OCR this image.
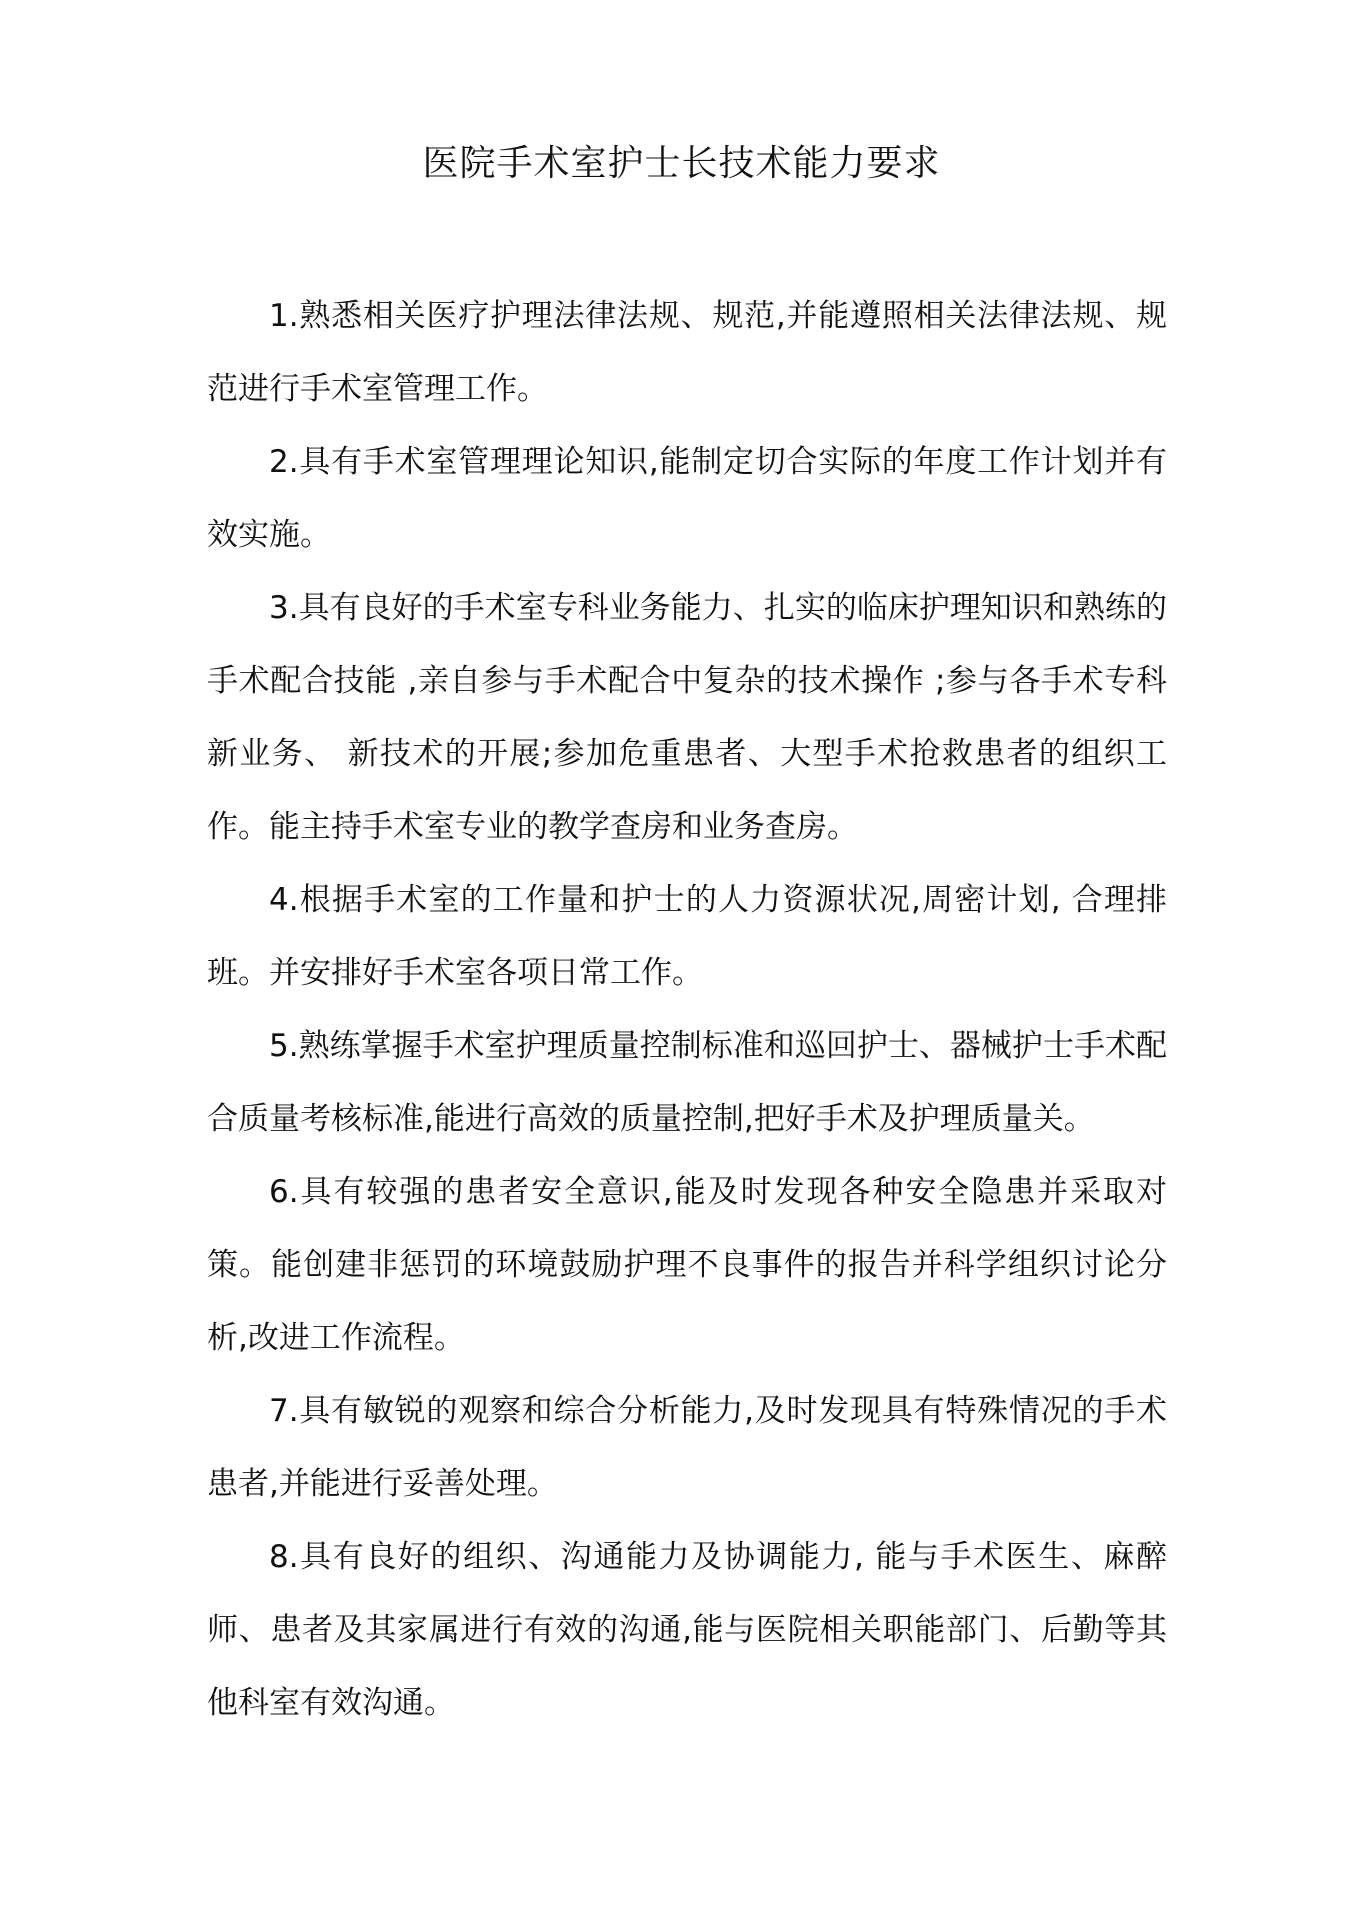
医院手术室护士长技术能力要求

1.熟悉相关医疗护理法律法规、规范,并能遵照相关法律法规、规范进行手术室管理工作。

2.具有手术室管理理论知识,能制定切合实际的年度工作计划并有效实施。

3.具有良好的手术室专科业务能力、扎实的临床护理知识和熟练的手术配合技能 ,亲自参与手术配合中复杂的技术操作 ;参与各手术专科新业务、 新技术的开展;参加危重患者、大型手术抢救患者的组织工作。能主持手术室专业的教学查房和业务查房。

4.根据手术室的工作量和护士的人力资源状况,周密计划, 合理排班。并安排好手术室各项日常工作。

5.熟练掌握手术室护理质量控制标准和巡回护士、器械护士手术配合质量考核标准,能进行高效的质量控制,把好手术及护理质量关。

6.具有较强的患者安全意识,能及时发现各种安全隐患并采取对策。能创建非惩罚的环境鼓励护理不良事件的报告并科学组织讨论分析,改进工作流程。

7.具有敏锐的观察和综合分析能力,及时发现具有特殊情况的手术患者,并能进行妥善处理。

8.具有良好的组织、沟通能力及协调能力, 能与手术医生、麻醉师、患者及其家属进行有效的沟通,能与医院相关职能部门、后勤等其他科室有效沟通。
